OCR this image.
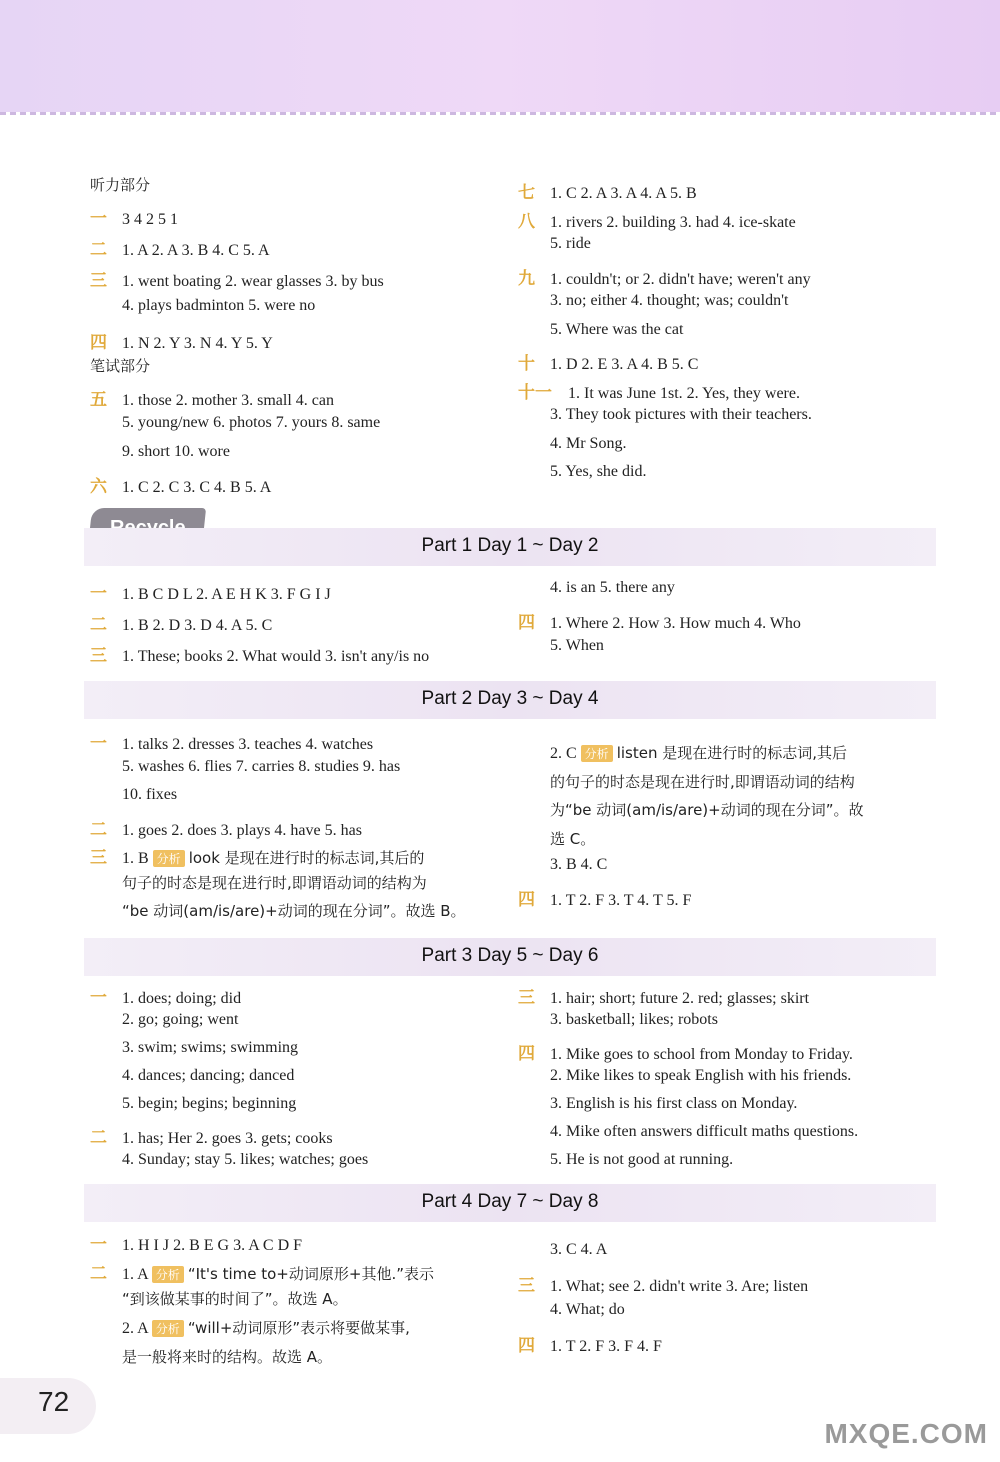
听力部分
一 3 4 2 5 1
二 1. A 2. A 3. B 4. C 5. A
三 1. went boating 2. wear glasses 3. by bus
4. plays badminton 5. were no
四 1. N 2. Y 3. N 4. Y 5. Y
笔试部分
五 1. those 2. mother 3. small 4. can
5. young/new 6. photos 7. yours 8. same
9. short 10. wore
六 1. C 2. C 3. C 4. B 5. A
七 1. C 2. A 3. A 4. A 5. B
八 1. rivers 2. building 3. had 4. ice-skate
5. ride
九 1. couldn't; or 2. didn't have; weren't any
3. no; either 4. thought; was; couldn't
5. Where was the cat
十 1. D 2. E 3. A 4. B 5. C
十一 1. It was June 1st. 2. Yes, they were.
3. They took pictures with their teachers.
4. Mr Song.
5. Yes, she did.
Part 1 Day 1 ~ Day 2
一 1. B C D L 2. A E H K 3. F G I J
二 1. B 2. D 3. D 4. A 5. C
三 1. These; books 2. What would 3. isn't any/is no
4. is an 5. there any
四 1. Where 2. How 3. How much 4. Who
5. When
Part 2 Day 3 ~ Day 4
一 1. talks 2. dresses 3. teaches 4. watches
5. washes 6. flies 7. carries 8. studies 9. has
10. fixes
二 1. goes 2. does 3. plays 4. have 5. has
三 1. B 分析 look 是现在进行时的标志词,其后的
句子的时态是现在进行时,即谓语动词的结构为
“be 动词(am/is/are)+动词的现在分词”。故选 B。
2. C 分析 listen 是现在进行时的标志词,其后
的句子的时态是现在进行时,即谓语动词的结构
为“be 动词(am/is/are)+动词的现在分词”。故
选 C。
3. B 4. C
四 1. T 2. F 3. T 4. T 5. F
Part 3 Day 5 ~ Day 6
一 1. does; doing; did
2. go; going; went
3. swim; swims; swimming
4. dances; dancing; danced
5. begin; begins; beginning
二 1. has; Her 2. goes 3. gets; cooks
4. Sunday; stay 5. likes; watches; goes
三 1. hair; short; future 2. red; glasses; skirt
3. basketball; likes; robots
四 1. Mike goes to school from Monday to Friday.
2. Mike likes to speak English with his friends.
3. English is his first class on Monday.
4. Mike often answers difficult maths questions.
5. He is not good at running.
Part 4 Day 7 ~ Day 8
一 1. H I J 2. B E G 3. A C D F
二 1. A 分析 “It's time to+动词原形+其他.”表示
“到该做某事的时间了”。故选 A。
2. A 分析 “will+动词原形”表示将要做某事,
是一般将来时的结构。故选 A。
3. C 4. A
三 1. What; see 2. didn't write 3. Are; listen
4. What; do
四 1. T 2. F 3. F 4. F
72
MXQE.COM
